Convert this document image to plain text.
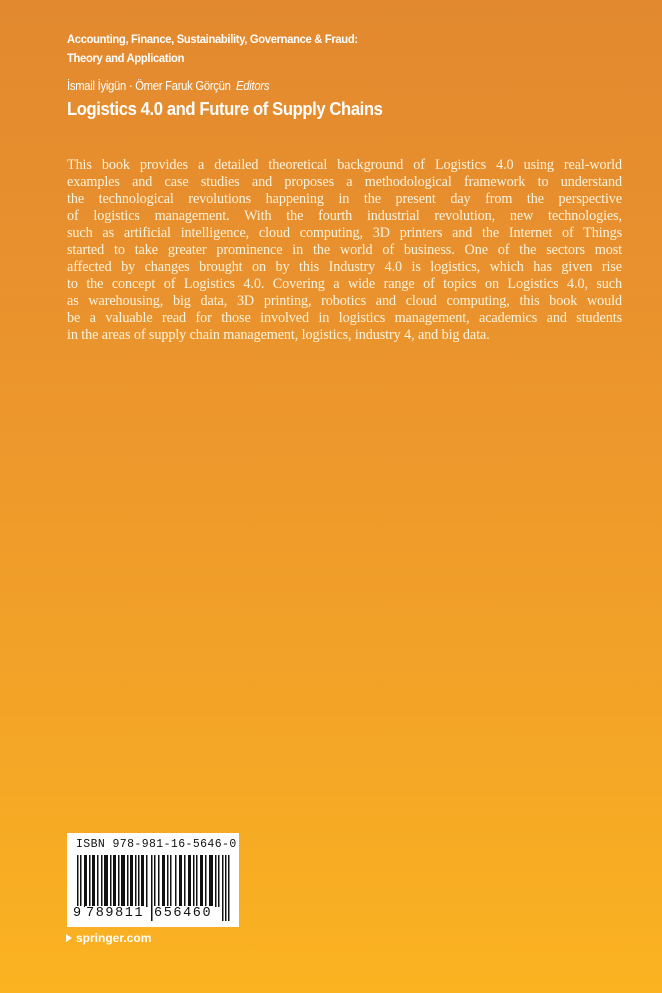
Accounting, Finance, Sustainability, Governance & Fraud:
Theory and Application
İsmail İyigün · Ömer Faruk Görçün Editors
Logistics 4.0 and Future of Supply Chains
This book provides a detailed theoretical background of Logistics 4.0 using real-world
examples and case studies and proposes a methodological framework to understand
the technological revolutions happening in the present day from the perspective
of logistics management. With the fourth industrial revolution, new technologies,
such as artificial intelligence, cloud computing, 3D printers and the Internet of Things
started to take greater prominence in the world of business. One of the sectors most
affected by changes brought on by this Industry 4.0 is logistics, which has given rise
to the concept of Logistics 4.0. Covering a wide range of topics on Logistics 4.0, such
as warehousing, big data, 3D printing, robotics and cloud computing, this book would
be a valuable read for those involved in logistics management, academics and students
in the areas of supply chain management, logistics, industry 4, and big data.
ISBN 978-981-16-5646-0
9 789811 656460
springer.com
